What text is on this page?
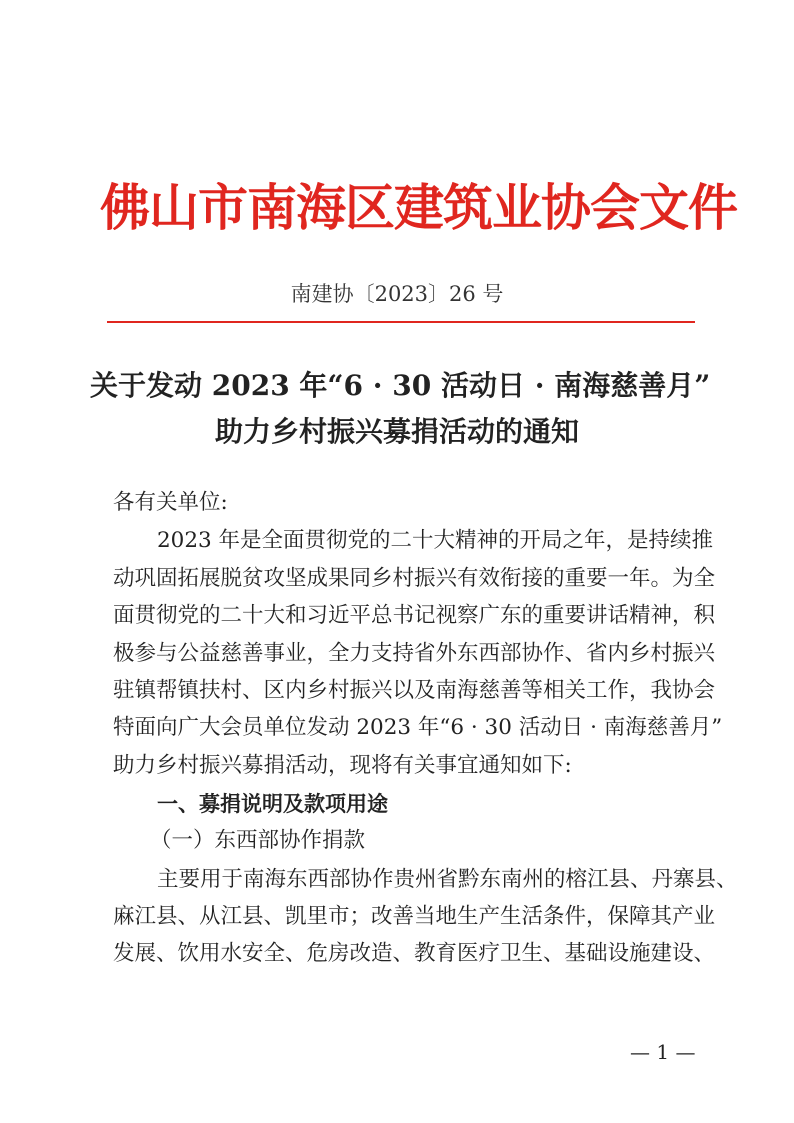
佛山市南海区建筑业协会文件
南建协〔2023〕26 号
关于发动 2023 年“6 · 30 活动日 · 南海慈善月”
助力乡村振兴募捐活动的通知
各有关单位:
2023 年是全面贯彻党的二十大精神的开局之年，是持续推
动巩固拓展脱贫攻坚成果同乡村振兴有效衔接的重要一年。为全
面贯彻党的二十大和习近平总书记视察广东的重要讲话精神，积
极参与公益慈善事业，全力支持省外东西部协作、省内乡村振兴
驻镇帮镇扶村、区内乡村振兴以及南海慈善等相关工作，我协会
特面向广大会员单位发动 2023 年“6 · 30 活动日 · 南海慈善月”
助力乡村振兴募捐活动，现将有关事宜通知如下:
一、募捐说明及款项用途
（一）东西部协作捐款
主要用于南海东西部协作贵州省黔东南州的榕江县、丹寨县、
麻江县、从江县、凯里市；改善当地生产生活条件，保障其产业
发展、饮用水安全、危房改造、教育医疗卫生、基础设施建设、
— 1 —
